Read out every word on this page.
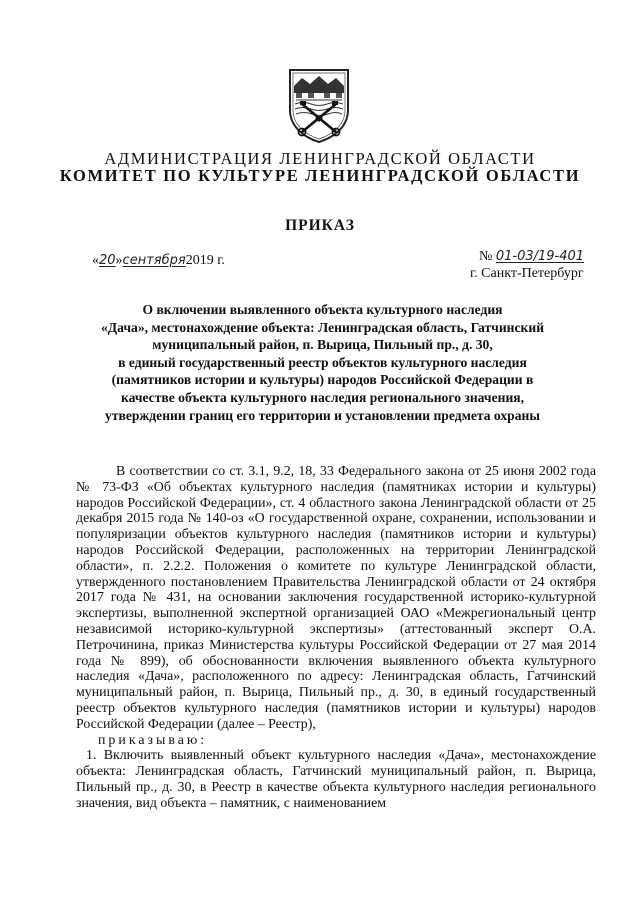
АДМИНИСТРАЦИЯ ЛЕНИНГРАДСКОЙ ОБЛАСТИ
КОМИТЕТ ПО КУЛЬТУРЕ ЛЕНИНГРАДСКОЙ ОБЛАСТИ
ПРИКАЗ
«20»сентября2019 г.	№ 01-03/19-401
г. Санкт-Петербург
О включении выявленного объекта культурного наследия
«Дача», местонахождение объекта: Ленинградская область, Гатчинский
муниципальный район, п. Вырица, Пильный пр., д. 30,
в единый государственный реестр объектов культурного наследия
(памятников истории и культуры) народов Российской Федерации в
качестве объекта культурного наследия регионального значения,
утверждении границ его территории и установлении предмета охраны

В соответствии со ст. 3.1, 9.2, 18, 33 Федерального закона от 25 июня 2002 года № 73-ФЗ «Об объектах культурного наследия (памятниках истории и культуры) народов Российской Федерации», ст. 4 областного закона Ленинградской области от 25 декабря 2015 года № 140-оз «О государственной охране, сохранении, использовании и популяризации объектов культурного наследия (памятников истории и культуры) народов Российской Федерации, расположенных на территории Ленинградской области», п. 2.2.2. Положения о комитете по культуре Ленинградской области, утвержденного постановлением Правительства Ленинградской области от 24 октября 2017 года № 431, на основании заключения государственной историко-культурной экспертизы, выполненной экспертной организацией ОАО «Межрегиональный центр независимой историко-культурной экспертизы» (аттестованный эксперт О.А. Петрочинина, приказ Министерства культуры Российской Федерации от 27 мая 2014 года № 899), об обоснованности включения выявленного объекта культурного наследия «Дача», расположенного по адресу: Ленинградская область, Гатчинский муниципальный район, п. Вырица, Пильный пр., д. 30, в единый государственный реестр объектов культурного наследия (памятников истории и культуры) народов Российской Федерации (далее – Реестр),

приказываю:

1. Включить выявленный объект культурного наследия «Дача», местонахождение объекта: Ленинградская область, Гатчинский муниципальный район, п. Вырица, Пильный пр., д. 30, в Реестр в качестве объекта культурного наследия регионального значения, вид объекта – памятник, с наименованием
